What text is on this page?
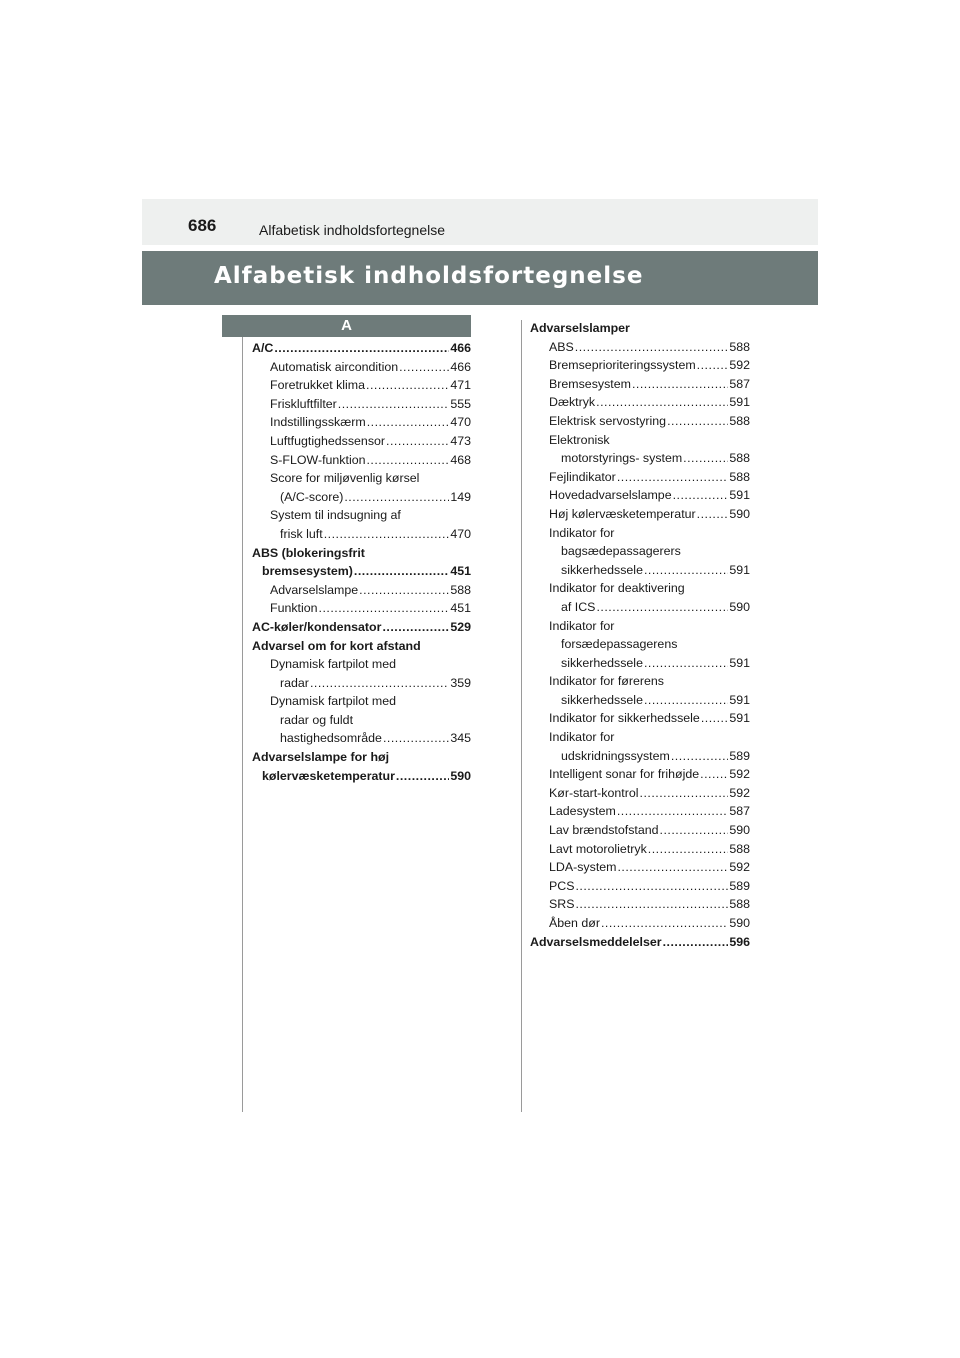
686	Alfabetisk indholdsfortegnelse
Alfabetisk indholdsfortegnelse
A
A/C .....	466
Automatisk aircondition .....	466
Foretrukket klima .....	471
Friskluftfilter .....	555
Indstillingsskærm .....	470
Luftfugtighedssensor .....	473
S-FLOW-funktion .....	468
Score for miljøvenlig kørsel
(A/C-score) .....	149
System til indsugning af
frisk luft .....	470
ABS (blokeringsfrit
bremsesystem) .....	451
Advarselslampe .....	588
Funktion .....	451
AC-køler/kondensator .....	529
Advarsel om for kort afstand
Dynamisk fartpilot med
radar .....	359
Dynamisk fartpilot med
radar og fuldt
hastighedsområde .....	345
Advarselslampe for høj
kølervæsketemperatur .....	590
Advarselslamper
ABS .....	588
Bremseprioriteringssystem .....	592
Bremsesystem .....	587
Dæktryk .....	591
Elektrisk servostyring .....	588
Elektronisk
motorstyrings- system .....	588
Fejlindikator .....	588
Hovedadvarselslampe .....	591
Høj kølervæsketemperatur .....	590
Indikator for
bagsædepassagerers
sikkerhedssele .....	591
Indikator for deaktivering
af ICS .....	590
Indikator for
forsædepassagerens
sikkerhedssele .....	591
Indikator for førerens
sikkerhedssele .....	591
Indikator for sikkerhedssele ..... 591
Indikator for
udskridningssystem .....	589
Intelligent sonar for frihøjde ..... 592
Kør-start-kontrol .....	592
Ladesystem .....	587
Lav brændstofstand .....	590
Lavt motorolietryk .....	588
LDA-system .....	592
PCS .....	589
SRS .....	588
Åben dør .....	590
Advarselsmeddelelser .....	596
